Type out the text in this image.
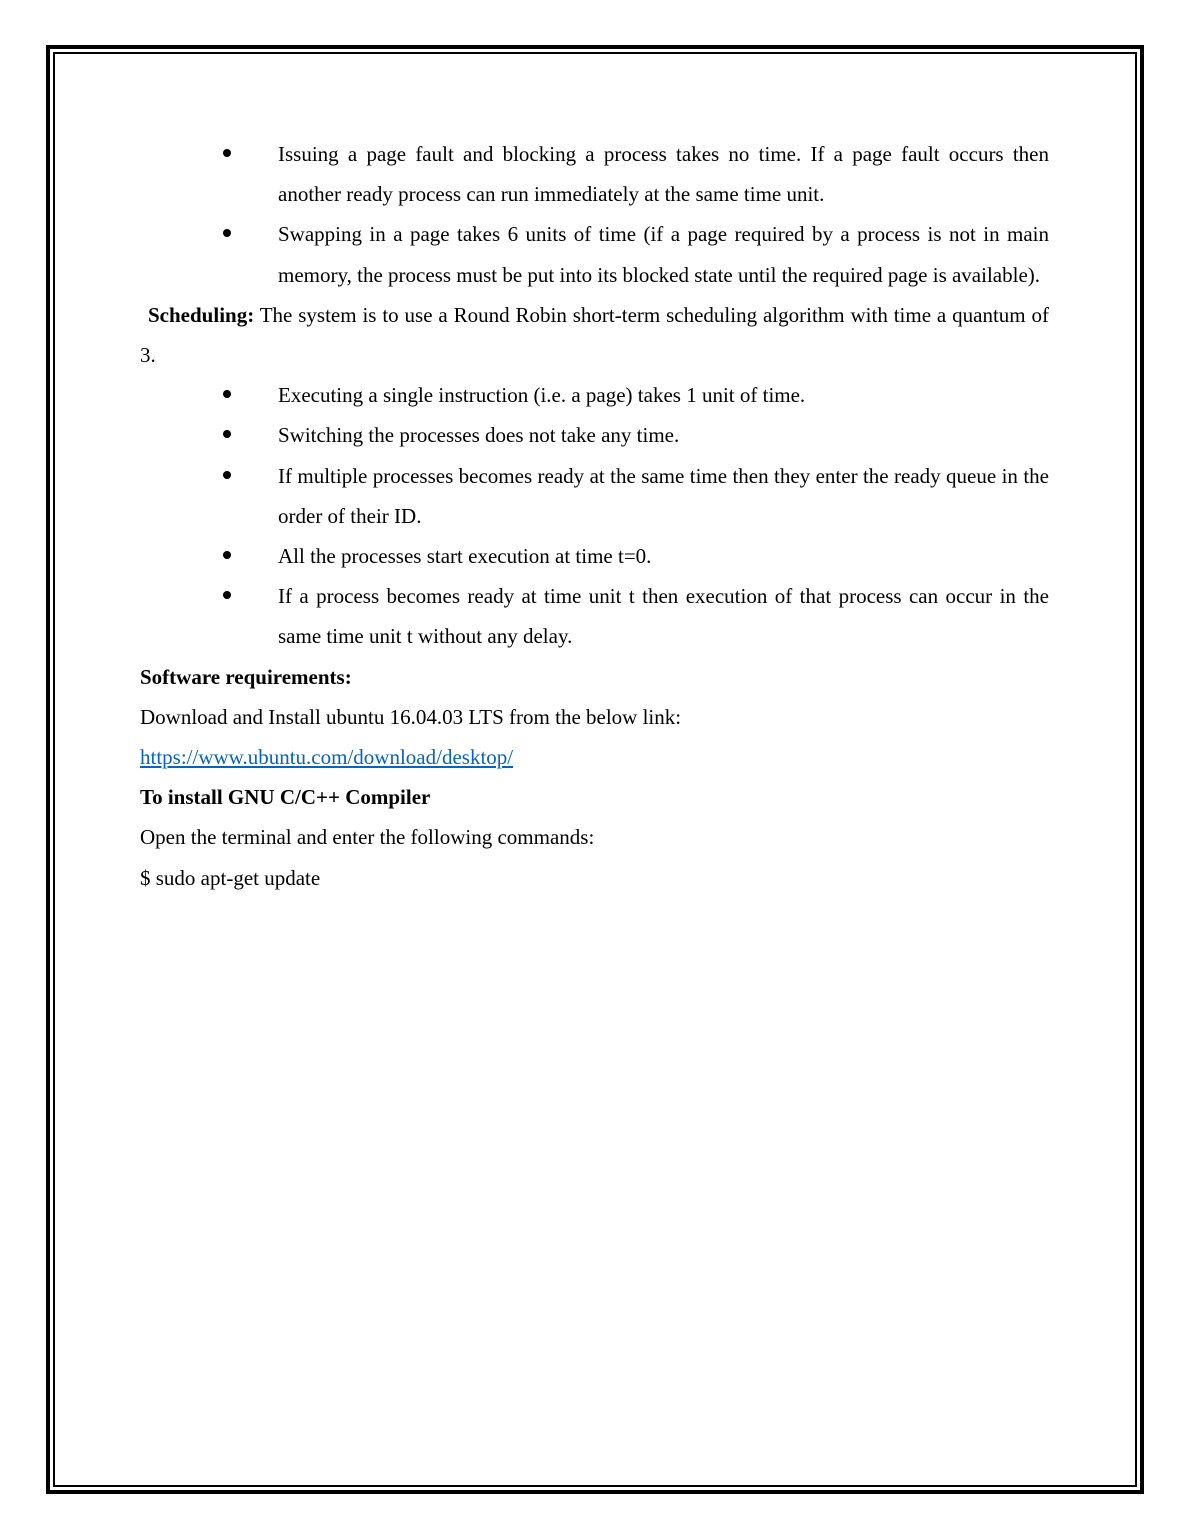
Issuing a page fault and blocking a process takes no time. If a page fault occurs then another ready process can run immediately at the same time unit.
Swapping in a page takes 6 units of time (if a page required by a process is not in main memory, the process must be put into its blocked state until the required page is available).

Scheduling: The system is to use a Round Robin short-term scheduling algorithm with time a quantum of 3.

Executing a single instruction (i.e. a page) takes 1 unit of time.
Switching the processes does not take any time.
If multiple processes becomes ready at the same time then they enter the ready queue in the order of their ID.
All the processes start execution at time t=0.
If a process becomes ready at time unit t then execution of that process can occur in the same time unit t without any delay.

Software requirements:

Download and Install ubuntu 16.04.03 LTS from the below link:

https://www.ubuntu.com/download/desktop/

To install GNU C/C++ Compiler

Open the terminal and enter the following commands:

$ sudo apt-get update
